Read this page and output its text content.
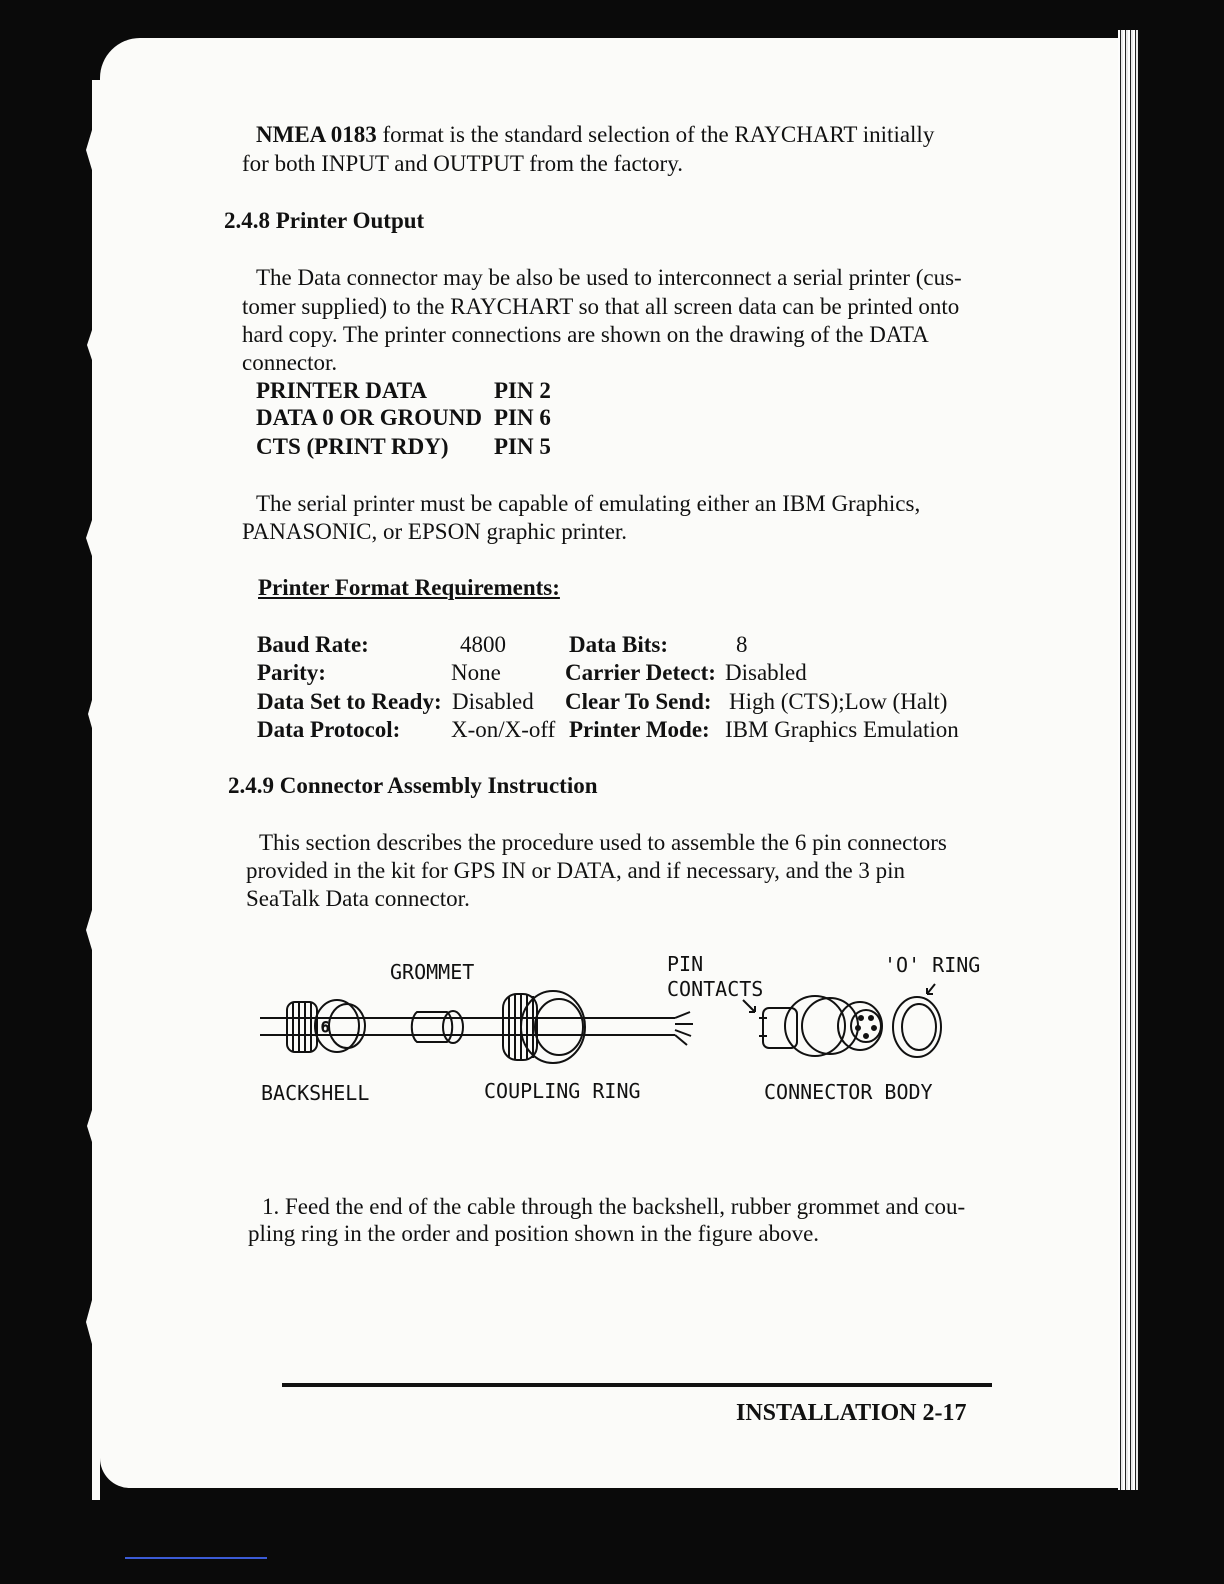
NMEA 0183 format is the standard selection of the RAYCHART initially
for both INPUT and OUTPUT from the factory.
2.4.8 Printer Output
The Data connector may be also be used to interconnect a serial printer (cus-
tomer supplied) to the RAYCHART so that all screen data can be printed onto
hard copy. The printer connections are shown on the drawing of the DATA
connector.
PRINTER DATA	PIN 2
DATA 0 OR GROUND PIN 6
CTS (PRINT RDY) PIN 5
The serial printer must be capable of emulating either an IBM Graphics,
PANASONIC, or EPSON graphic printer.
Printer Format Requirements:
Baud Rate:	4800	Data Bits:	8
Parity:	None	Carrier Detect: Disabled
Data Set to Ready: Disabled Clear To Send: High (CTS);Low (Halt)
Data Protocol: X-on/X-off Printer Mode: IBM Graphics Emulation
2.4.9 Connector Assembly Instruction
This section describes the procedure used to assemble the 6 pin connectors
provided in the kit for GPS IN or DATA, and if necessary, and the 3 pin
SeaTalk Data connector.
GROMMET	PIN
CONTACTS
'O' RING
BACKSHELL	COUPLING RING	CONNECTOR BODY
6
1. Feed the end of the cable through the backshell, rubber grommet and cou-
pling ring in the order and position shown in the figure above.
INSTALLATION 2-17
